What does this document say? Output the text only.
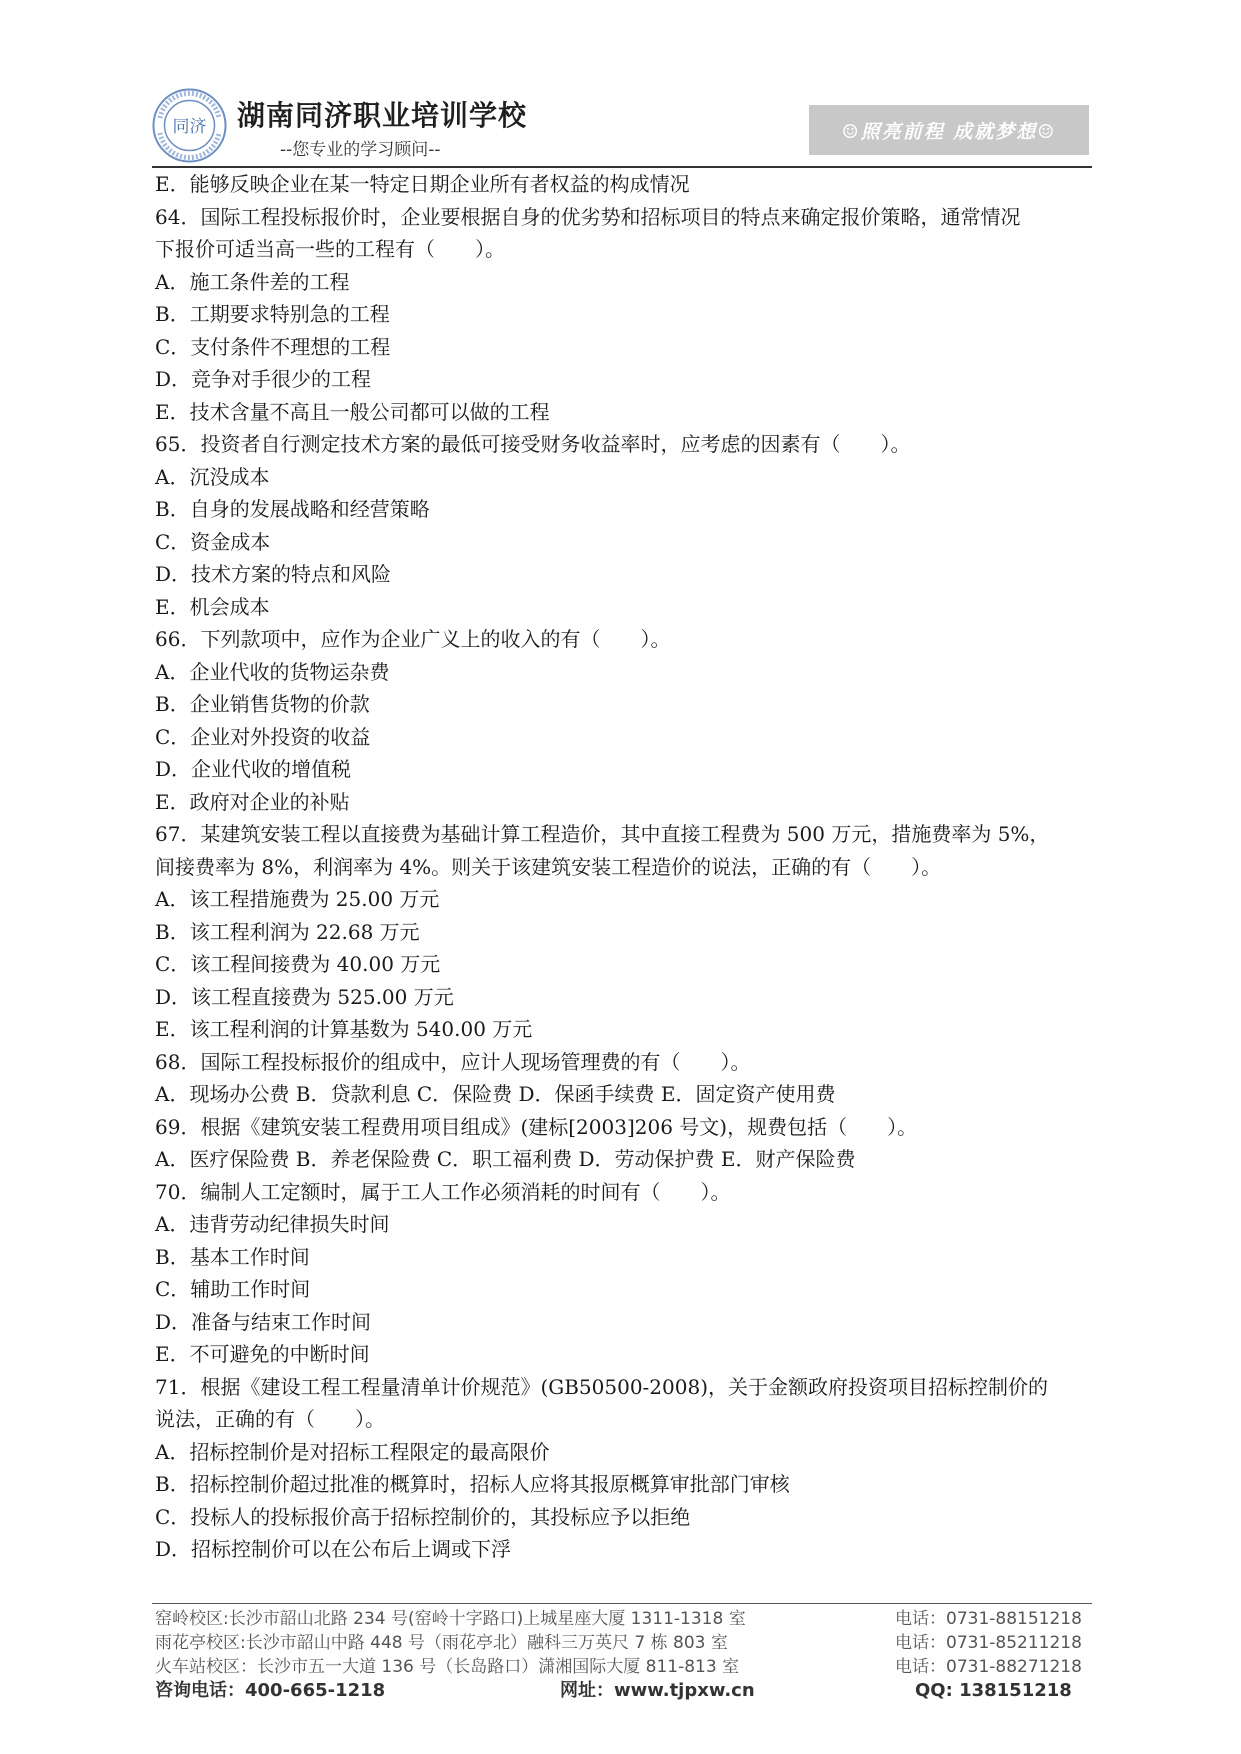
同济 湖南同济职业培训学校
--您专业的学习顾问--
☺照亮前程 成就梦想☺
E．能够反映企业在某一特定日期企业所有者权益的构成情况
64．国际工程投标报价时，企业要根据自身的优劣势和招标项目的特点来确定报价策略，通常情况
下报价可适当高一些的工程有（　　）。
A．施工条件差的工程
B．工期要求特别急的工程
C．支付条件不理想的工程
D．竞争对手很少的工程
E．技术含量不高且一般公司都可以做的工程
65．投资者自行测定技术方案的最低可接受财务收益率时，应考虑的因素有（　　）。
A．沉没成本
B．自身的发展战略和经营策略
C．资金成本
D．技术方案的特点和风险
E．机会成本
66．下列款项中，应作为企业广义上的收入的有（　　）。
A．企业代收的货物运杂费
B．企业销售货物的价款
C．企业对外投资的收益
D．企业代收的增值税
E．政府对企业的补贴
67．某建筑安装工程以直接费为基础计算工程造价，其中直接工程费为 500 万元，措施费率为 5%，
间接费率为 8%，利润率为 4%。则关于该建筑安装工程造价的说法，正确的有（　　）。
A．该工程措施费为 25.00 万元
B．该工程利润为 22.68 万元
C．该工程间接费为 40.00 万元
D．该工程直接费为 525.00 万元
E．该工程利润的计算基数为 540.00 万元
68．国际工程投标报价的组成中，应计人现场管理费的有（　　）。
A．现场办公费 B．贷款利息 C．保险费 D．保函手续费 E．固定资产使用费
69．根据《建筑安装工程费用项目组成》(建标[2003]206 号文)，规费包括（　　）。
A．医疗保险费 B．养老保险费 C．职工福利费 D．劳动保护费 E．财产保险费
70．编制人工定额时，属于工人工作必须消耗的时间有（　　）。
A．违背劳动纪律损失时间
B．基本工作时间
C．辅助工作时间
D．准备与结束工作时间
E．不可避免的中断时间
71．根据《建设工程工程量清单计价规范》(GB50500-2008)，关于金额政府投资项目招标控制价的
说法，正确的有（　　）。
A．招标控制价是对招标工程限定的最高限价
B．招标控制价超过批准的概算时，招标人应将其报原概算审批部门审核
C．投标人的投标报价高于招标控制价的，其投标应予以拒绝
D．招标控制价可以在公布后上调或下浮
窑岭校区:长沙市韶山北路 234 号(窑岭十字路口)上城星座大厦 1311-1318 室	电话：0731-88151218
雨花亭校区:长沙市韶山中路 448 号（雨花亭北）融科三万英尺 7 栋 803 室	电话：0731-85211218
火车站校区：长沙市五一大道 136 号（长岛路口）潇湘国际大厦 811-813 室	电话：0731-88271218
咨询电话：400-665-1218	网址：www.tjpxw.cn	QQ: 138151218
